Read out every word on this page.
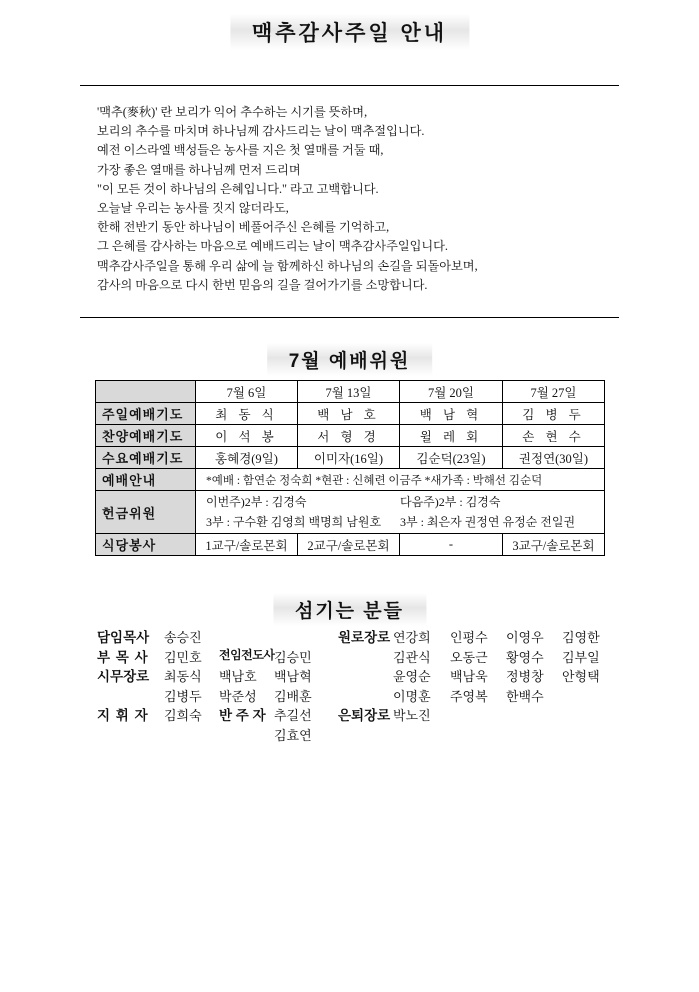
맥추감사주일 안내
'맥추(麥秋)' 란 보리가 익어 추수하는 시기를 뜻하며,
보리의 추수를 마치며 하나님께 감사드리는 날이 맥추절입니다.
예전 이스라엘 백성들은 농사를 지은 첫 열매를 거둘 때,
가장 좋은 열매를 하나님께 먼저 드리며
"이 모든 것이 하나님의 은혜입니다." 라고 고백합니다.
오늘날 우리는 농사를 짓지 않더라도,
한해 전반기 동안 하나님이 베풀어주신 은혜를 기억하고,
그 은혜를 감사하는 마음으로 예배드리는 날이 맥추감사주일입니다.
맥추감사주일을 통해 우리 삶에 늘 함께하신 하나님의 손길을 되돌아보며,
감사의 마음으로 다시 한번 믿음의 길을 걸어가기를 소망합니다.
7월 예배위원
	7월 6일	7월 13일	7월 20일	7월 27일
주일예배기도	최 동 식	백 남 호	백 남 혁	김 병 두
찬양예배기도	이 석 봉	서 형 경	윌 레 회	손 현 수
수요예배기도	홍혜경(9일)	이미자(16일)	김순덕(23일)	권정연(30일)
예배안내	*예배 : 함연순 정숙희 *현관 : 신혜련 이금주 *새가족 : 박해선 김순덕			
헌금위원	이번주)2부 : 김경숙 다음주)2부 : 김경숙
3부 : 구수환 김영희 백명희 남원호 3부 : 최은자 권정연 유정순 전일권			

식당봉사	1교구/솔로몬회	2교구/솔로몬회	-	3교구/솔로몬회
섬기는 분들
담임목사 송승진
부 목 사 김민호
시무장로 최동식 백남호 백남혁
김병두 박준성 김배훈
지 휘 자 김희숙
전임전도사 김승민
반 주 자 추길선
김효연
원로장로 연강희 인평수 이영우 김영한
김관식 오동근 황영수 김부일
윤영순 백남욱 정병창 안형택
이명훈 주영복 한백수
은퇴장로 박노진
